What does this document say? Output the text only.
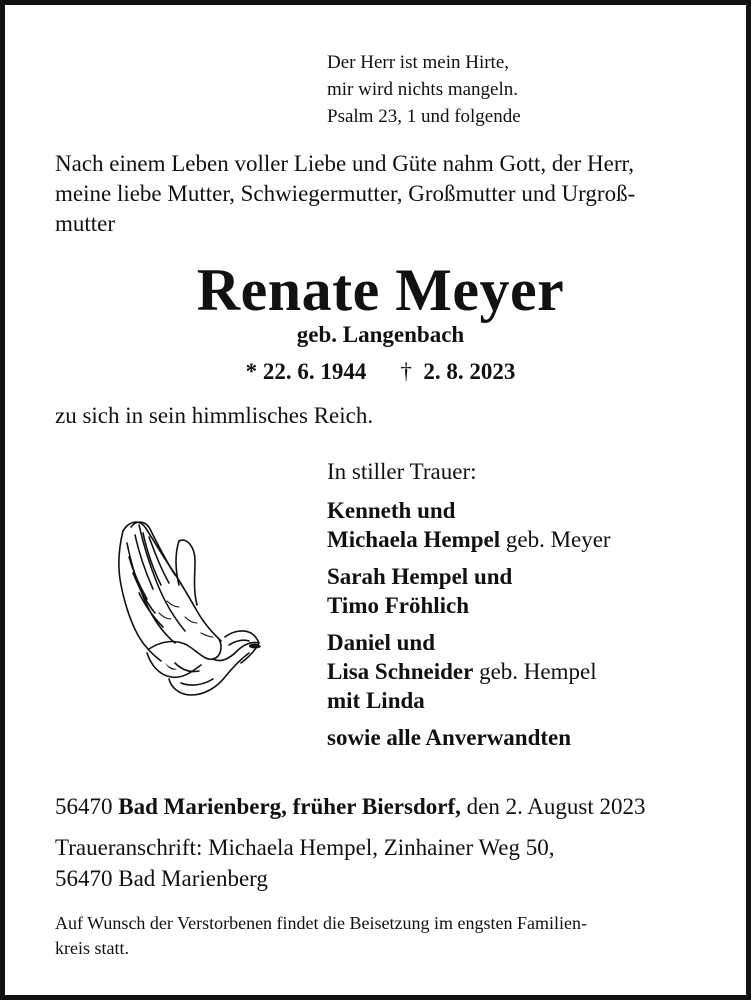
Der Herr ist mein Hirte,
mir wird nichts mangeln.
Psalm 23, 1 und folgende
Nach einem Leben voller Liebe und Güte nahm Gott, der Herr,
meine liebe Mutter, Schwiegermutter, Großmutter und Urgroß-
mutter
Renate Meyer
geb. Langenbach
* 22. 6. 1944 † 2. 8. 2023
zu sich in sein himmlisches Reich.
In stiller Trauer:
Kenneth und
Michaela Hempel geb. Meyer
Sarah Hempel und
Timo Fröhlich
Daniel und
Lisa Schneider geb. Hempel
mit Linda
sowie alle Anverwandten
56470 Bad Marienberg, früher Biersdorf, den 2. August 2023
Traueranschrift: Michaela Hempel, Zinhainer Weg 50,
56470 Bad Marienberg
Auf Wunsch der Verstorbenen findet die Beisetzung im engsten Familien-
kreis statt.
